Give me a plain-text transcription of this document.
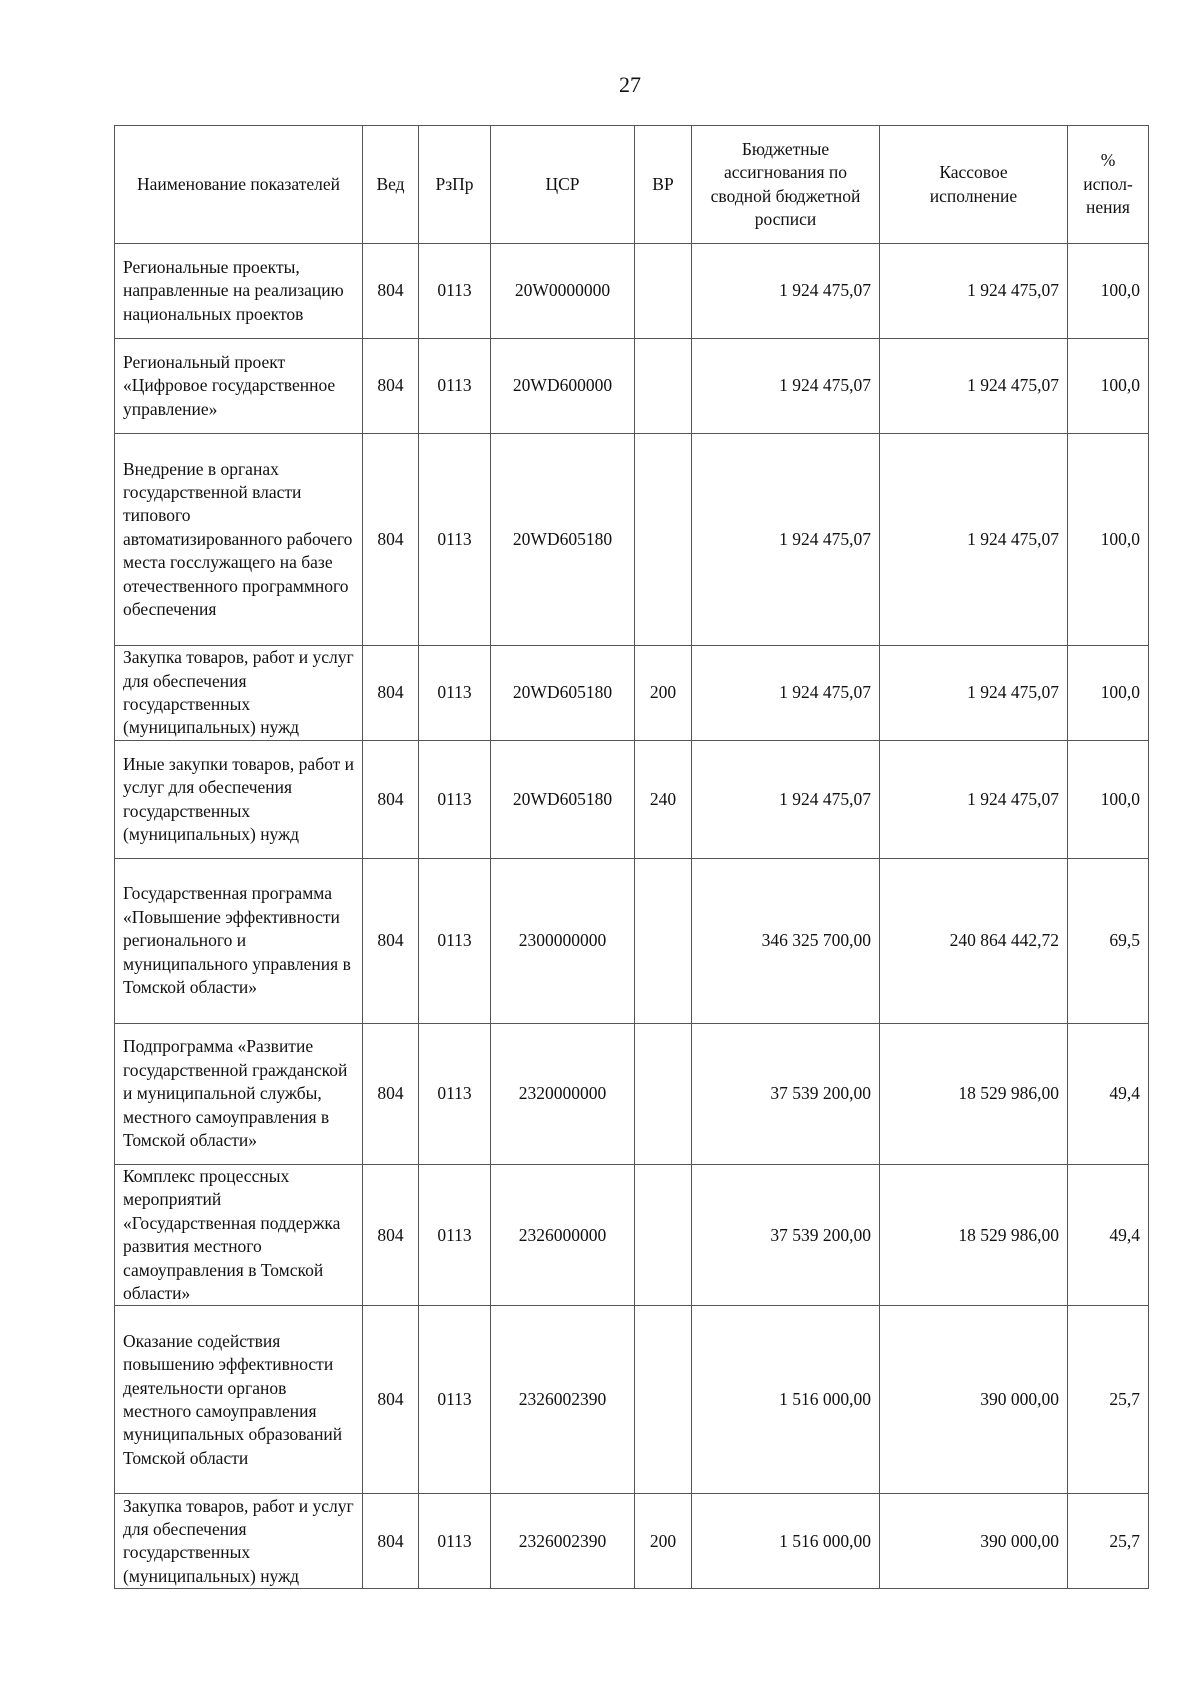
27
Наименование показателей	Вед	РзПр	ЦСР	ВР	Бюджетные ассигнования по сводной бюджетной росписи	Кассовое исполнение	% испол-нения
Региональные проекты, направленные на реализацию национальных проектов	804	0113	20W0000000		1 924 475,07	1 924 475,07	100,0
Региональный проект «Цифровое государственное управление»	804	0113	20WD600000		1 924 475,07	1 924 475,07	100,0
Внедрение в органах государственной власти типового автоматизированного рабочего места госслужащего на базе отечественного программного обеспечения	804	0113	20WD605180		1 924 475,07	1 924 475,07	100,0
Закупка товаров, работ и услуг для обеспечения государственных (муниципальных) нужд	804	0113	20WD605180	200	1 924 475,07	1 924 475,07	100,0
Иные закупки товаров, работ и услуг для обеспечения государственных (муниципальных) нужд	804	0113	20WD605180	240	1 924 475,07	1 924 475,07	100,0
Государственная программа «Повышение эффективности регионального и муниципального управления в Томской области»	804	0113	2300000000		346 325 700,00	240 864 442,72	69,5
Подпрограмма «Развитие государственной гражданской и муниципальной службы, местного самоуправления в Томской области»	804	0113	2320000000		37 539 200,00	18 529 986,00	49,4
Комплекс процессных мероприятий «Государственная поддержка развития местного самоуправления в Томской области»	804	0113	2326000000		37 539 200,00	18 529 986,00	49,4
Оказание содействия повышению эффективности деятельности органов местного самоуправления муниципальных образований Томской области	804	0113	2326002390		1 516 000,00	390 000,00	25,7
Закупка товаров, работ и услуг для обеспечения государственных (муниципальных) нужд	804	0113	2326002390	200	1 516 000,00	390 000,00	25,7
